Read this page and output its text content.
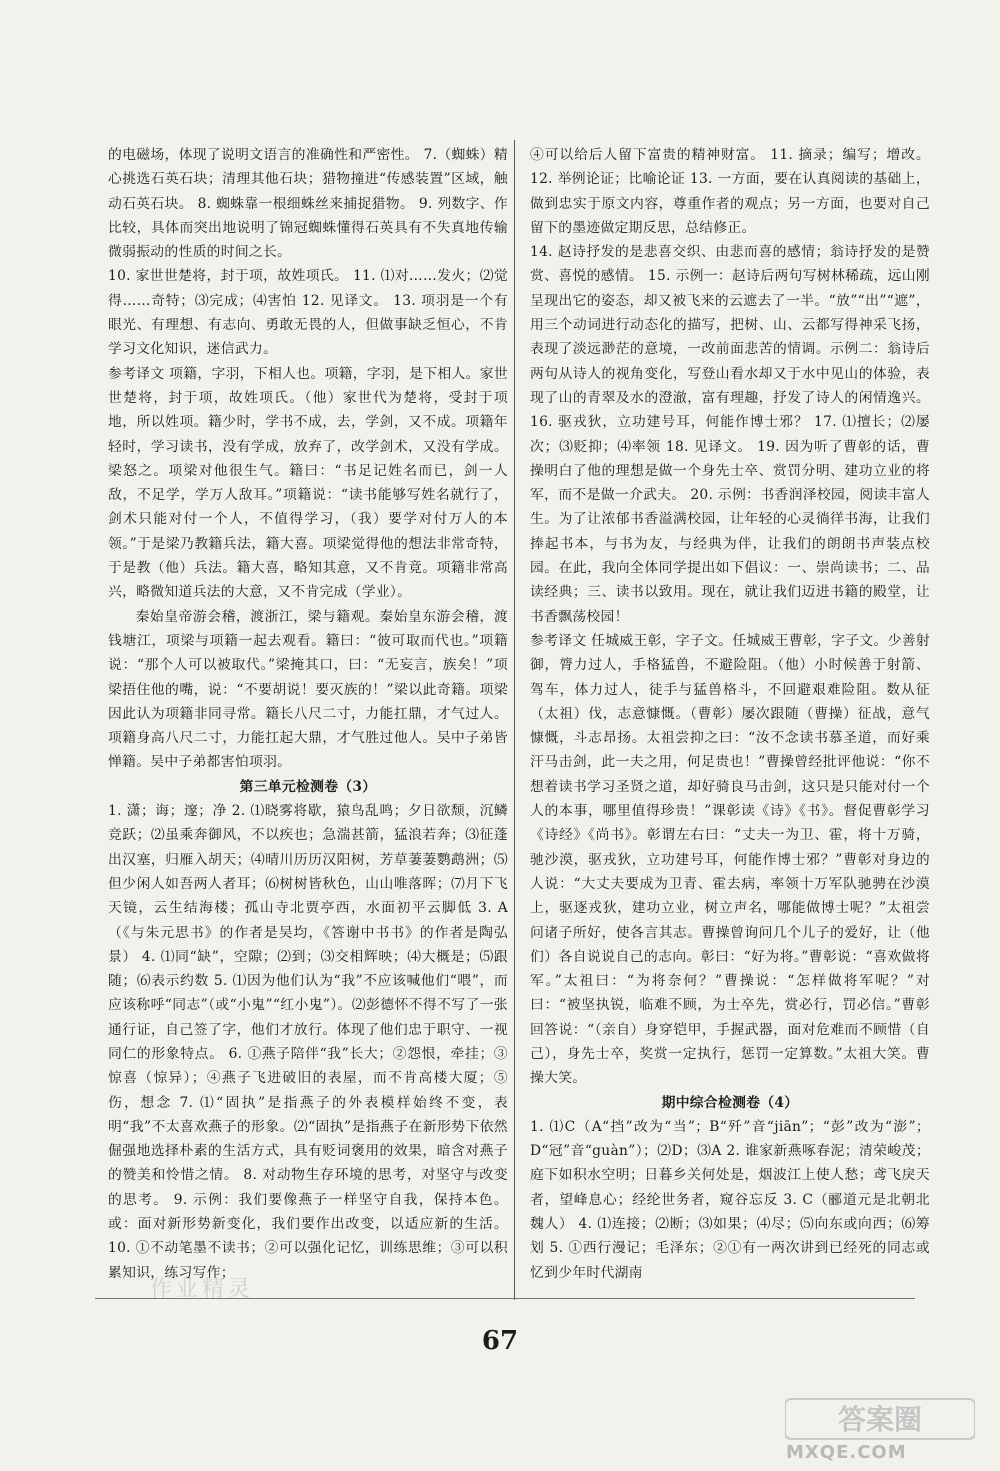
的电磁场，体现了说明文语言的准确性和严密性。 7.（蜘蛛）精心挑选石英石块；清理其他石块；猎物撞进“传感装置”区域，触动石英石块。 8. 蜘蛛靠一根细蛛丝来捕捉猎物。 9. 列数字、作比较，具体而突出地说明了锦冠蜘蛛懂得石英具有不失真地传输微弱振动的性质的时间之长。

10. 家世世楚将，封于项，故姓项氏。 11. ⑴对……发火；⑵觉得……奇特；⑶完成；⑷害怕 12. 见译文。 13. 项羽是一个有眼光、有理想、有志向、勇敢无畏的人，但做事缺乏恒心，不肯学习文化知识，迷信武力。

参考译文 项籍，字羽，下相人也。项籍，字羽，是下相人。家世世楚将，封于项，故姓项氏。（他）家世代为楚将，受封于项地，所以姓项。籍少时，学书不成，去，学剑，又不成。项籍年轻时，学习读书，没有学成，放弃了，改学剑术，又没有学成。梁怒之。项梁对他很生气。籍曰：“书足记姓名而已，剑一人敌，不足学，学万人敌耳。”项籍说：“读书能够写姓名就行了，剑术只能对付一个人，不值得学习，（我）要学对付万人的本领。”于是梁乃教籍兵法，籍大喜。项梁觉得他的想法非常奇特，于是教（他）兵法。籍大喜，略知其意，又不肯竟。项籍非常高兴，略微知道兵法的大意，又不肯完成（学业）。

秦始皇帝游会稽，渡浙江，梁与籍观。秦始皇东游会稽，渡钱塘江，项梁与项籍一起去观看。籍曰：“彼可取而代也。”项籍说：“那个人可以被取代。”梁掩其口，曰：“无妄言，族矣！”项梁捂住他的嘴，说：“不要胡说！要灭族的！”梁以此奇籍。项梁因此认为项籍非同寻常。籍长八尺二寸，力能扛鼎，才气过人。项籍身高八尺二寸，力能扛起大鼎，才气胜过他人。吴中子弟皆惮籍。吴中子弟都害怕项羽。

第三单元检测卷（3）

1. 潇；诲；邃；净 2. ⑴晓雾将歇，猿鸟乱鸣；夕日欲颓，沉鳞竞跃；⑵虽乘奔御风，不以疾也；急湍甚箭，猛浪若奔；⑶征蓬出汉塞，归雁入胡天；⑷晴川历历汉阳树，芳草萋萋鹦鹉洲；⑸但少闲人如吾两人者耳；⑹树树皆秋色，山山唯落晖；⑺月下飞天镜，云生结海楼；孤山寺北贾亭西，水面初平云脚低 3. A（《与朱元思书》的作者是吴均，《答谢中书书》的作者是陶弘景） 4. ⑴同“缺”，空隙；⑵到；⑶交相辉映；⑷大概是；⑸跟随；⑹表示约数 5. ⑴因为他们认为“我”不应该喊他们“喂”，而应该称呼“同志”（或“小鬼”“红小鬼”）。⑵彭德怀不得不写了一张通行证，自己签了字，他们才放行。体现了他们忠于职守、一视同仁的形象特点。 6. ①燕子陪伴“我”长大；②怨恨，牵挂；③惊喜（惊异）；④燕子飞进破旧的表屋，而不肯高楼大厦；⑤伤，想念 7. ⑴“固执”是指燕子的外表模样始终不变，表明“我”不太喜欢燕子的形象。⑵“固执”是指燕子在新形势下依然倔强地选择朴素的生活方式，具有贬词褒用的效果，暗含对燕子的赞美和怜惜之情。 8. 对动物生存环境的思考，对坚守与改变的思考。 9. 示例：我们要像燕子一样坚守自我，保持本色。或：面对新形势新变化，我们要作出改变，以适应新的生活。 10. ①不动笔墨不读书；②可以强化记忆，训练思维；③可以积累知识，练习写作；

④可以给后人留下富贵的精神财富。 11. 摘录；编写；增改。 12. 举例论证；比喻论证 13. 一方面，要在认真阅读的基础上，做到忠实于原文内容，尊重作者的观点；另一方面，也要对自己留下的墨迹做定期反思，总结修正。

14. 赵诗抒发的是悲喜交织、由悲而喜的感情；翁诗抒发的是赞赏、喜悦的感情。 15. 示例一：赵诗后两句写树林稀疏，远山刚呈现出它的姿态，却又被飞来的云遮去了一半。“放”“出”“遮”，用三个动词进行动态化的描写，把树、山、云都写得神采飞扬，表现了淡远渺茫的意境，一改前面悲苦的情调。示例二：翁诗后两句从诗人的视角变化，写登山看水却又于水中见山的体验，表现了山的青翠及水的澄澈，富有理趣，抒发了诗人的闲情逸兴。 16. 驱戎狄，立功建号耳，何能作博士邪？ 17. ⑴擅长；⑵屡次；⑶贬抑；⑷率领 18. 见译文。 19. 因为听了曹彰的话，曹操明白了他的理想是做一个身先士卒、赏罚分明、建功立业的将军，而不是做一介武夫。 20. 示例：书香润泽校园，阅读丰富人生。为了让浓郁书香溢满校园，让年轻的心灵徜徉书海，让我们捧起书本，与书为友，与经典为伴，让我们的朗朗书声装点校园。在此，我向全体同学提出如下倡议：一、崇尚读书；二、品读经典；三、读书以致用。现在，就让我们迈进书籍的殿堂，让书香飘荡校园！

参考译文 任城威王彰，字子文。任城威王曹彰，字子文。少善射御，膂力过人，手格猛兽，不避险阻。（他）小时候善于射箭、驾车，体力过人，徒手与猛兽格斗，不回避艰难险阻。数从征（太祖）伐，志意慷慨。（曹彰）屡次跟随（曹操）征战，意气慷慨，斗志昂扬。太祖尝抑之曰：“汝不念读书慕圣道，而好乘汗马击剑，此一夫之用，何足贵也！”曹操曾经批评他说：“你不想着读书学习圣贤之道，却好骑良马击剑，这只是只能对付一个人的本事，哪里值得珍贵！”课彰读《诗》《书》。督促曹彰学习《诗经》《尚书》。彰谓左右曰：“丈夫一为卫、霍，将十万骑，驰沙漠，驱戎狄，立功建号耳，何能作博士邪？”曹彰对身边的人说：“大丈夫要成为卫青、霍去病，率领十万军队驰骋在沙漠上，驱逐戎狄，建功立业，树立声名，哪能做博士呢？”太祖尝问诸子所好，使各言其志。曹操曾询问几个儿子的爱好，让（他们）各自说说自己的志向。彰曰：“好为将。”曹彰说：“喜欢做将军。”太祖曰：“为将奈何？”曹操说：“怎样做将军呢？”对曰：“被坚执锐，临难不顾，为士卒先，赏必行，罚必信。”曹彰回答说：“（亲自）身穿铠甲，手握武器，面对危难而不顾惜（自己），身先士卒，奖赏一定执行，惩罚一定算数。”太祖大笑。曹操大笑。

期中综合检测卷（4）

1. ⑴C（A“挡”改为“当”；B“歼”音“jiān”；“彭”改为“澎”；D“冠”音“guàn”）；⑵D；⑶A 2. 谁家新燕啄春泥；清荣峻茂；庭下如积水空明；日暮乡关何处是，烟波江上使人愁；鸢飞戾天者，望峰息心；经纶世务者，窥谷忘反 3. C（郦道元是北朝北魏人） 4. ⑴连接；⑵断；⑶如果；⑷尽；⑸向东或向西；⑹筹划 5. ①西行漫记；毛泽东；②①有一两次讲到已经死的同志或忆到少年时代湖南

作业精灵
67
答案圈
MXQE.COM
